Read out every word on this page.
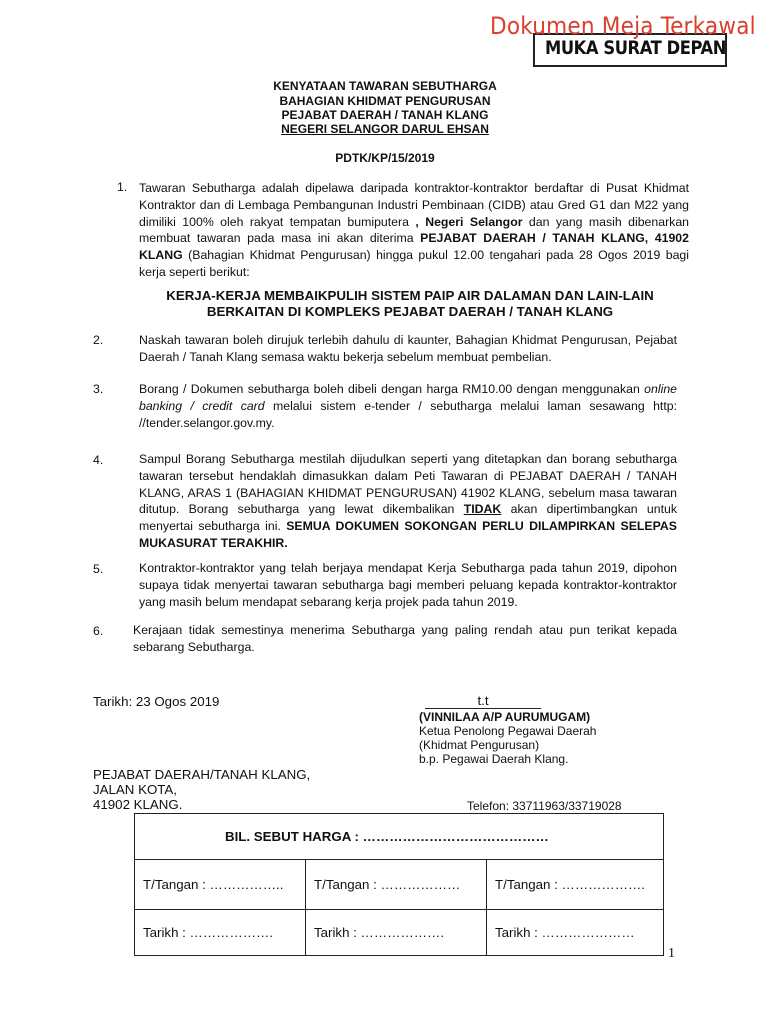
Dokumen Meja Terkawal
MUKA SURAT DEPAN
KENYATAAN TAWARAN SEBUTHARGA
BAHAGIAN KHIDMAT PENGURUSAN
PEJABAT DAERAH / TANAH KLANG
NEGERI SELANGOR DARUL EHSAN
PDTK/KP/15/2019
1. Tawaran Sebutharga adalah dipelawa daripada kontraktor-kontraktor berdaftar di Pusat Khidmat Kontraktor dan di Lembaga Pembangunan Industri Pembinaan (CIDB) atau Gred G1 dan M22 yang dimiliki 100% oleh rakyat tempatan bumiputera , Negeri Selangor dan yang masih dibenarkan membuat tawaran pada masa ini akan diterima PEJABAT DAERAH / TANAH KLANG, 41902 KLANG (Bahagian Khidmat Pengurusan) hingga pukul 12.00 tengahari pada 28 Ogos 2019 bagi kerja seperti berikut:
KERJA-KERJA MEMBAIKPULIH SISTEM PAIP AIR DALAMAN DAN LAIN-LAIN
BERKAITAN DI KOMPLEKS PEJABAT DAERAH / TANAH KLANG
2.	Naskah tawaran boleh dirujuk terlebih dahulu di kaunter, Bahagian Khidmat Pengurusan, Pejabat Daerah / Tanah Klang semasa waktu bekerja sebelum membuat pembelian.
3.	Borang / Dokumen sebutharga boleh dibeli dengan harga RM10.00 dengan menggunakan online banking / credit card melalui sistem e-tender / sebutharga melalui laman sesawang http: //tender.selangor.gov.my.
4.	Sampul Borang Sebutharga mestilah dijudulkan seperti yang ditetapkan dan borang sebutharga tawaran tersebut hendaklah dimasukkan dalam Peti Tawaran di PEJABAT DAERAH / TANAH KLANG, ARAS 1 (BAHAGIAN KHIDMAT PENGURUSAN) 41902 KLANG, sebelum masa tawaran ditutup. Borang sebutharga yang lewat dikembalikan TIDAK akan dipertimbangkan untuk menyertai sebutharga ini. SEMUA DOKUMEN SOKONGAN PERLU DILAMPIRKAN SELEPAS MUKASURAT TERAKHIR.
5.	Kontraktor-kontraktor yang telah berjaya mendapat Kerja Sebutharga pada tahun 2019, dipohon supaya tidak menyertai tawaran sebutharga bagi memberi peluang kepada kontraktor-kontraktor yang masih belum mendapat sebarang kerja projek pada tahun 2019.
6. Kerajaan tidak semestinya menerima Sebutharga yang paling rendah atau pun terikat kepada sebarang Sebutharga.
Tarikh: 23 Ogos 2019	t.t
(VINNILAA A/P AURUMUGAM)
Ketua Penolong Pegawai Daerah
(Khidmat Pengurusan)
b.p. Pegawai Daerah Klang.
PEJABAT DAERAH/TANAH KLANG,
JALAN KOTA,
41902 KLANG.	Telefon: 33711963/33719028
BIL. SEBUT HARGA : ……………………………………		
T/Tangan : ……………..	T/Tangan : ………………	T/Tangan : ……………….
Tarikh : ……………….	Tarikh : ……………….	Tarikh : …………………
1
